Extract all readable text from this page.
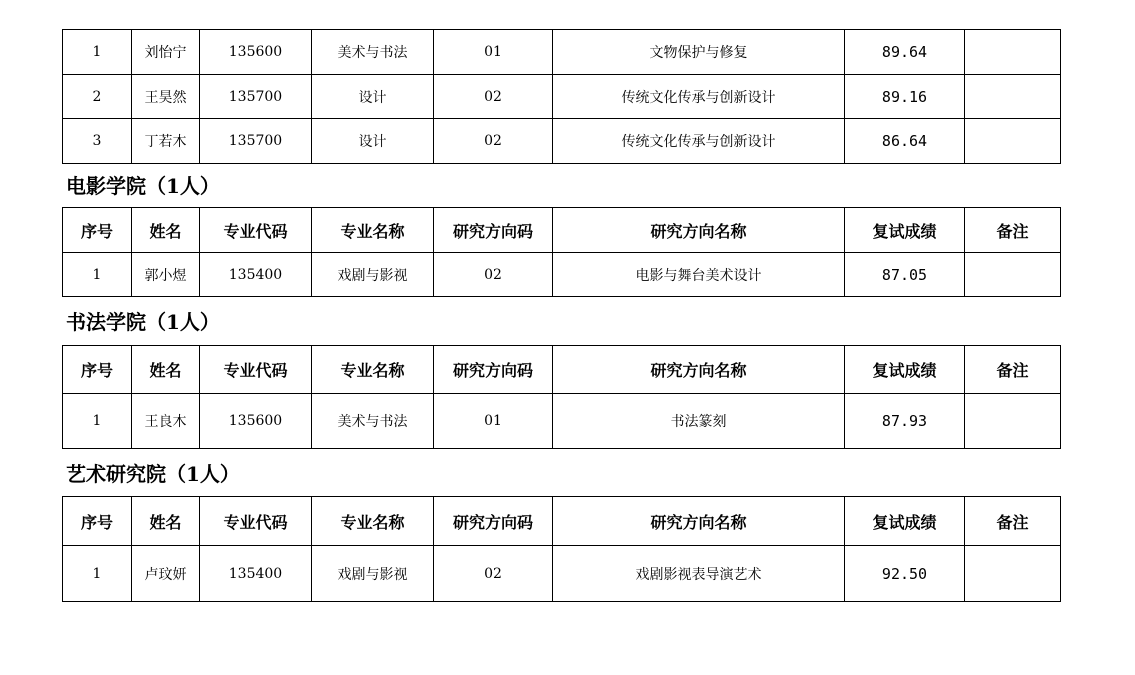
1	刘怡宁	135600	美术与书法	01	文物保护与修复	89.64	
2	王昊然	135700	设计	02	传统文化传承与创新设计	89.16	
3	丁若木	135700	设计	02	传统文化传承与创新设计	86.64	
电影学院（1人）
序号	姓名	专业代码	专业名称	研究方向码	研究方向名称	复试成绩	备注
1	郭小煜	135400	戏剧与影视	02	电影与舞台美术设计	87.05	
书法学院（1人）
序号	姓名	专业代码	专业名称	研究方向码	研究方向名称	复试成绩	备注
1	王良木	135600	美术与书法	01	书法篆刻	87.93	
艺术研究院（1人）
序号	姓名	专业代码	专业名称	研究方向码	研究方向名称	复试成绩	备注
1	卢玟妍	135400	戏剧与影视	02	戏剧影视表导演艺术	92.50	
